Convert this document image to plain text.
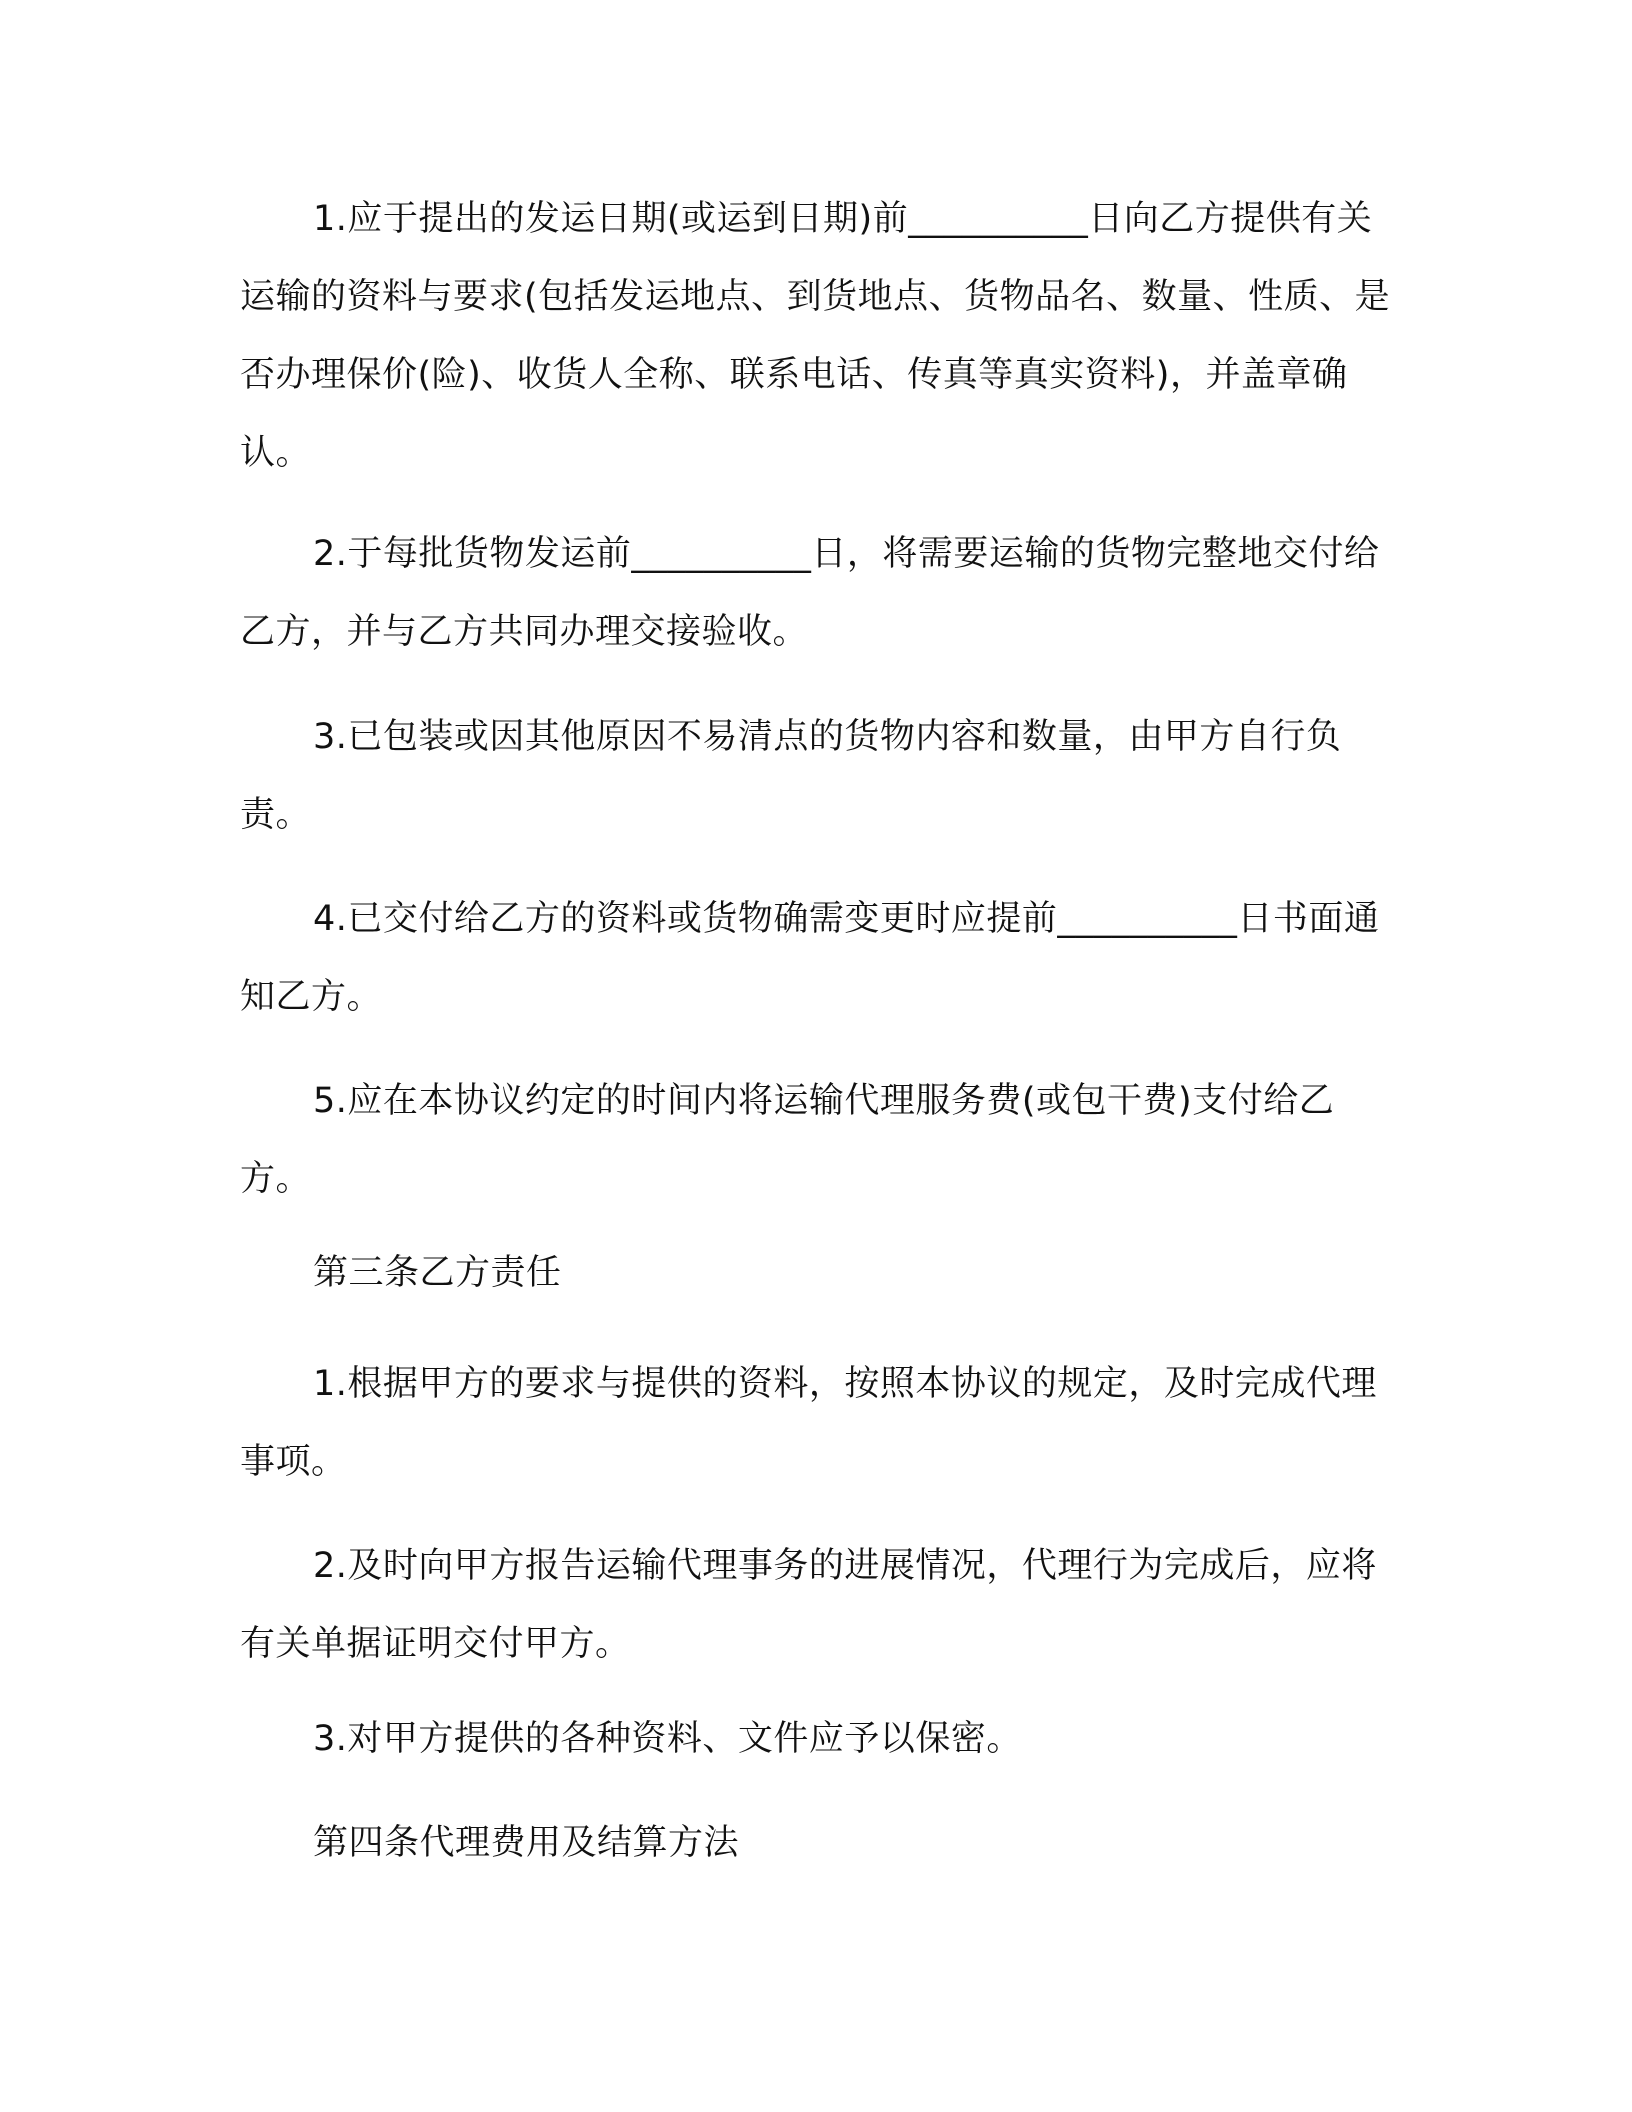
1.应于提出的发运日期(或运到日期)前__________日向乙方提供有关运输的资料与要求(包括发运地点、到货地点、货物品名、数量、性质、是否办理保价(险)、收货人全称、联系电话、传真等真实资料)，并盖章确认。

2.于每批货物发运前__________日，将需要运输的货物完整地交付给乙方，并与乙方共同办理交接验收。

3.已包装或因其他原因不易清点的货物内容和数量，由甲方自行负责。

4.已交付给乙方的资料或货物确需变更时应提前__________日书面通知乙方。

5.应在本协议约定的时间内将运输代理服务费(或包干费)支付给乙方。

第三条乙方责任

1.根据甲方的要求与提供的资料，按照本协议的规定，及时完成代理事项。

2.及时向甲方报告运输代理事务的进展情况，代理行为完成后，应将有关单据证明交付甲方。

3.对甲方提供的各种资料、文件应予以保密。

第四条代理费用及结算方法
